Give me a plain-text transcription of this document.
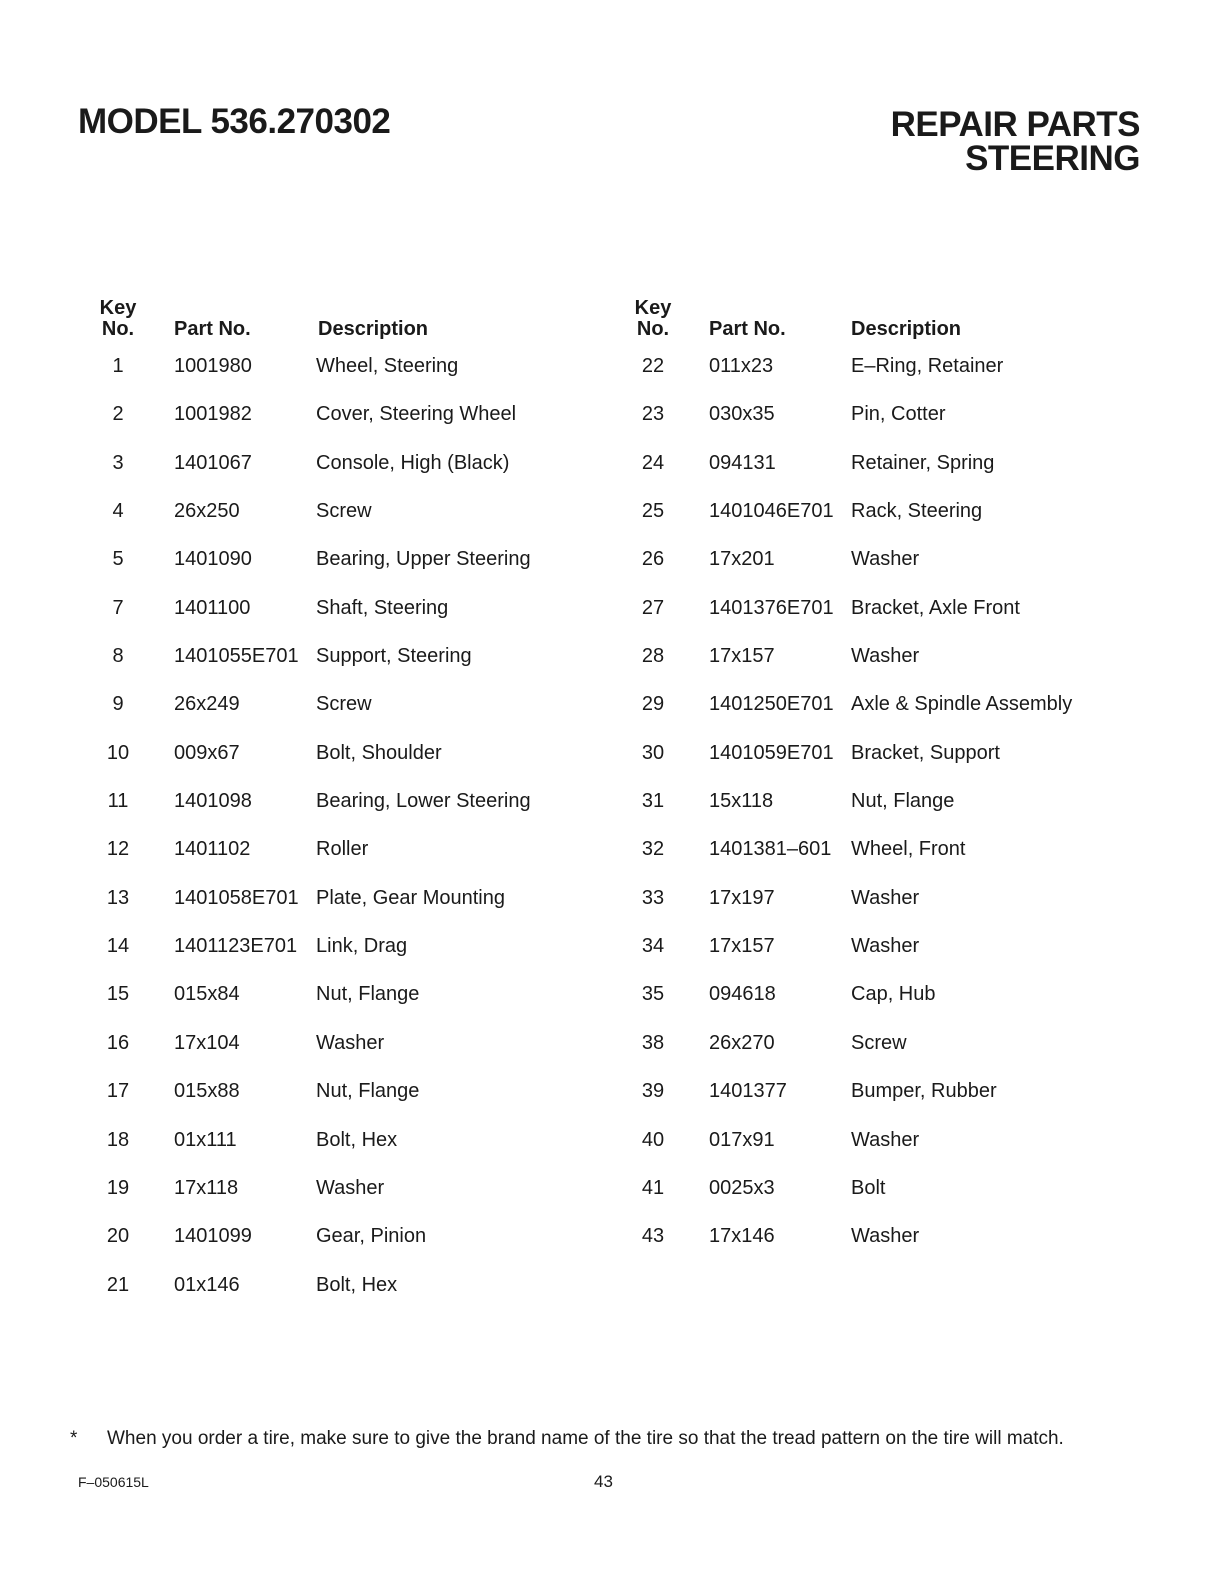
MODEL 536.270302	REPAIR PARTS
STEERING
Key
No.	Part No.	Description
Key
No.	Part No.	Description
1	1001980	Wheel, Steering
2	1001982	Cover, Steering Wheel
3	1401067	Console, High (Black)
4	26x250	Screw
5	1401090	Bearing, Upper Steering
7	1401100	Shaft, Steering
8	1401055E701 Support, Steering
9	26x249	Screw
10	009x67	Bolt, Shoulder
11	1401098	Bearing, Lower Steering
12	1401102	Roller
13	1401058E701 Plate, Gear Mounting
14	1401123E701 Link, Drag
15	015x84	Nut, Flange
16	17x104	Washer
17	015x88	Nut, Flange
18	01x111	Bolt, Hex
19	17x118	Washer
20	1401099	Gear, Pinion
21	01x146	Bolt, Hex
22	011x23	E–Ring, Retainer
23	030x35	Pin, Cotter
24	094131	Retainer, Spring
25	1401046E701 Rack, Steering
26	17x201	Washer
27	1401376E701 Bracket, Axle Front
28	17x157	Washer
29	1401250E701 Axle & Spindle Assembly
30	1401059E701 Bracket, Support
31	15x118	Nut, Flange
32	1401381–601 Wheel, Front
33	17x197	Washer
34	17x157	Washer
35	094618	Cap, Hub
38	26x270	Screw
39	1401377	Bumper, Rubber
40	017x91	Washer
41	0025x3	Bolt
43	17x146	Washer
* When you order a tire, make sure to give the brand name of the tire so that the tread pattern on the tire will match.
F–050615L	43
